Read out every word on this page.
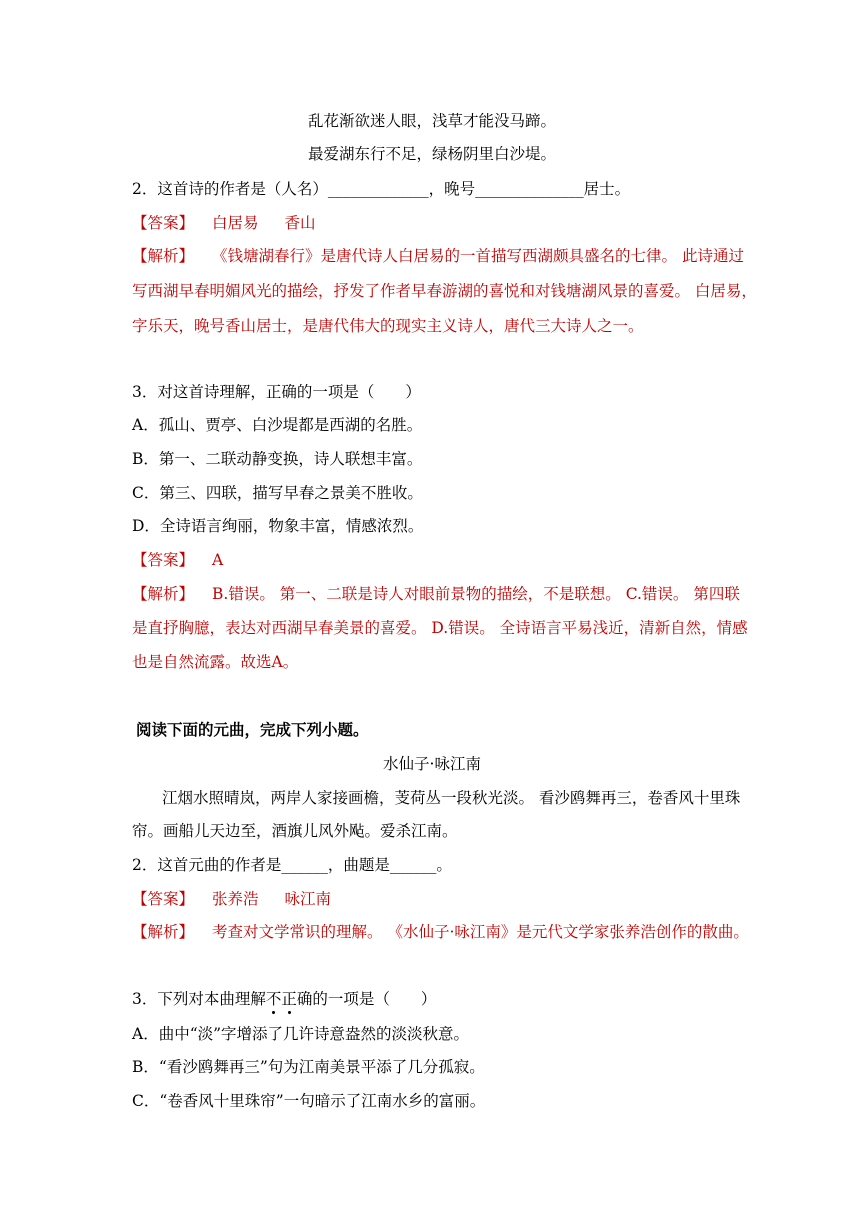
乱花渐欲迷人眼，浅草才能没马蹄。
最爱湖东行不足，绿杨阴里白沙堤。
2．这首诗的作者是（人名）_____________，晚号______________居士。
【答案】 白居易 香山
【解析】 《钱塘湖春行》是唐代诗人白居易的一首描写西湖颇具盛名的七律。 此诗通过
写西湖早春明媚风光的描绘，抒发了作者早春游湖的喜悦和对钱塘湖风景的喜爱。 白居易，
字乐天，晚号香山居士，是唐代伟大的现实主义诗人，唐代三大诗人之一。
3．对这首诗理解，正确的一项是（　　）
A．孤山、贾亭、白沙堤都是西湖的名胜。
B．第一、二联动静变换，诗人联想丰富。
C．第三、四联，描写早春之景美不胜收。
D．全诗语言绚丽，物象丰富，情感浓烈。
【答案】 A
【解析】 B.错误。 第一、二联是诗人对眼前景物的描绘，不是联想。 C.错误。 第四联
是直抒胸臆，表达对西湖早春美景的喜爱。 D.错误。 全诗语言平易浅近，清新自然，情感
也是自然流露。故选A。
阅读下面的元曲，完成下列小题。
水仙子·咏江南
江烟水照晴岚，两岸人家接画檐，芰荷丛一段秋光淡。 看沙鸥舞再三，卷香风十里珠
帘。画船儿天边至，酒旗儿风外飐。爱杀江南。
2．这首元曲的作者是______，曲题是______。
【答案】 张养浩 咏江南
【解析】 考查对文学常识的理解。 《水仙子·咏江南》是元代文学家张养浩创作的散曲。
3．下列对本曲理解不正确的一项是（　　）
A．曲中“淡”字增添了几许诗意盎然的淡淡秋意。
B．“看沙鸥舞再三”句为江南美景平添了几分孤寂。
C．“卷香风十里珠帘”一句暗示了江南水乡的富丽。
